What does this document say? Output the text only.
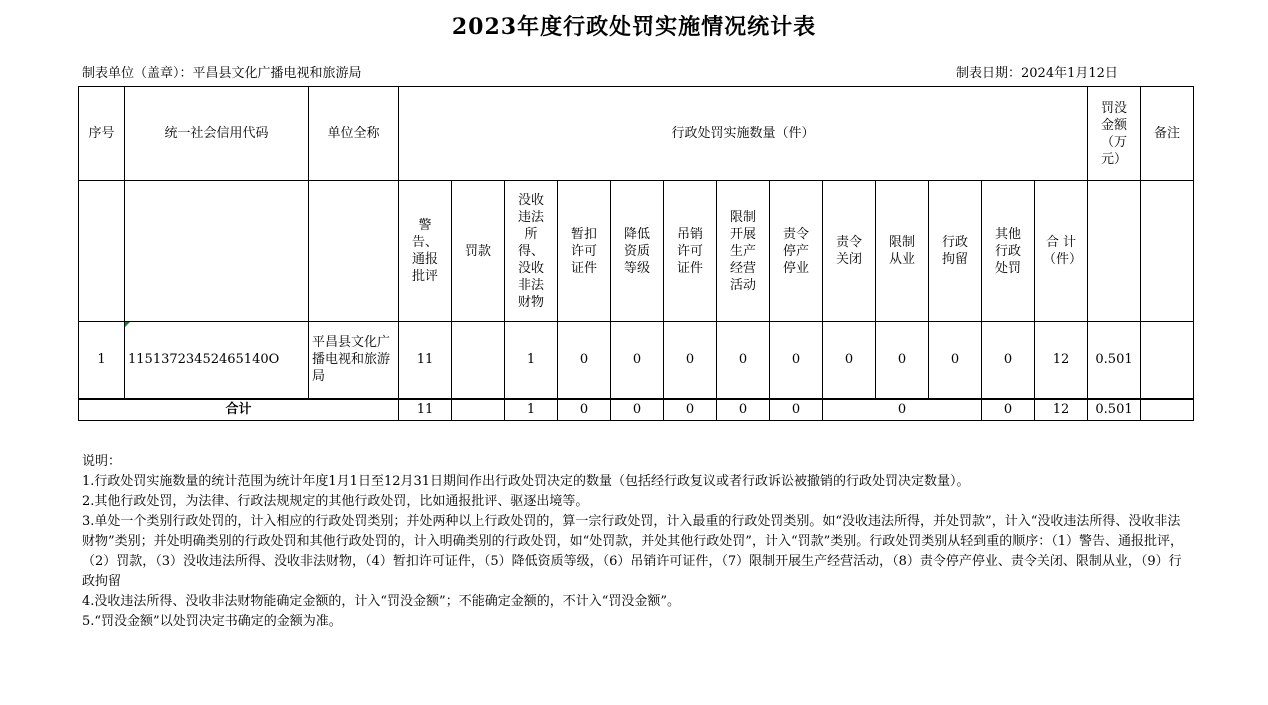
2023年度行政处罚实施情况统计表
制表单位（盖章）：平昌县文化广播电视和旅游局	制表日期：2024年1月12日
序号	统一社会信用代码	单位全称	行政处罚实施数量（件）													罚没金额（万元）	备注
			警告、通报批评	罚款	没收违法所得、没收非法财物	暂扣许可证件	降低资质等级	吊销许可证件	限制开展生产经营活动	责令停产停业	责令关闭	限制从业	行政拘留	其他行政处罚	合 计（件）		
1	11513723452465140O	平昌县文化广播电视和旅游局	11		1	0	0	0	0	0	0	0	0	0	12	0.501	
合计			11		1	0	0	0	0	0	0			0	12	0.501	
说明：
1.行政处罚实施数量的统计范围为统计年度1月1日至12月31日期间作出行政处罚决定的数量（包括经行政复议或者行政诉讼被撤销的行政处罚决定数量）。
2.其他行政处罚，为法律、行政法规规定的其他行政处罚，比如通报批评、驱逐出境等。
3.单处一个类别行政处罚的，计入相应的行政处罚类别；并处两种以上行政处罚的，算一宗行政处罚，计入最重的行政处罚类别。如“没收违法所得，并处罚款”，计入“没收违法所得、没收非法财物”类别；并处明确类别的行政处罚和其他行政处罚的，计入明确类别的行政处罚，如“处罚款，并处其他行政处罚”，计入“罚款”类别。行政处罚类别从轻到重的顺序：（1）警告、通报批评，（2）罚款，（3）没收违法所得、没收非法财物，（4）暂扣许可证件，（5）降低资质等级，（6）吊销许可证件，（7）限制开展生产经营活动，（8）责令停产停业、责令关闭、限制从业，（9）行政拘留
4.没收违法所得、没收非法财物能确定金额的，计入“罚没金额”；不能确定金额的，不计入“罚没金额”。
5.“罚没金额”以处罚决定书确定的金额为准。
